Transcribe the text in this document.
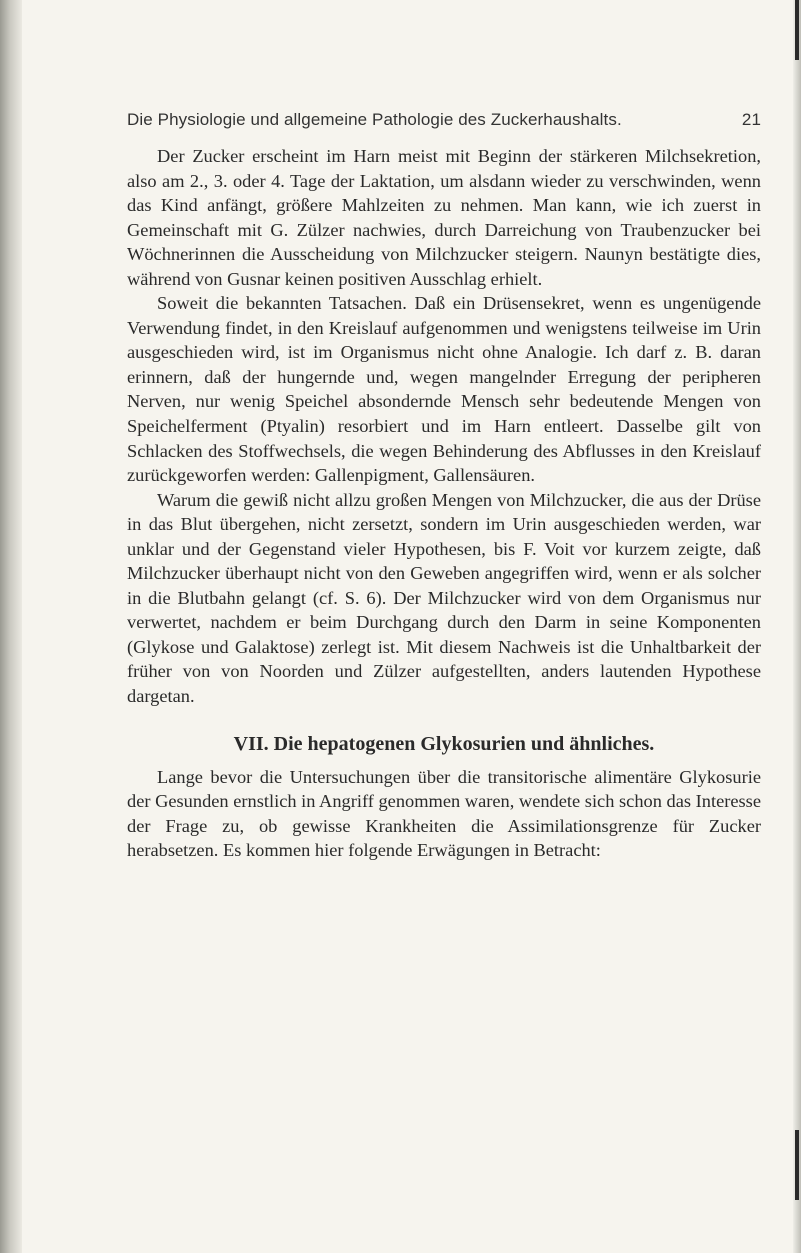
Die Physiologie und allgemeine Pathologie des Zuckerhaushalts.	21

Der Zucker erscheint im Harn meist mit Beginn der stärkeren Milchsekretion, also am 2., 3. oder 4. Tage der Laktation, um alsdann wieder zu verschwinden, wenn das Kind anfängt, größere Mahlzeiten zu nehmen. Man kann, wie ich zuerst in Gemeinschaft mit G. Zülzer nachwies, durch Darreichung von Traubenzucker bei Wöchnerinnen die Ausscheidung von Milchzucker steigern. Naunyn bestätigte dies, während von Gusnar keinen positiven Ausschlag erhielt.

Soweit die bekannten Tatsachen. Daß ein Drüsensekret, wenn es ungenügende Verwendung findet, in den Kreislauf aufgenommen und wenigstens teilweise im Urin ausgeschieden wird, ist im Organismus nicht ohne Analogie. Ich darf z. B. daran erinnern, daß der hungernde und, wegen mangelnder Erregung der peripheren Nerven, nur wenig Speichel absondernde Mensch sehr bedeutende Mengen von Speichelferment (Ptyalin) resorbiert und im Harn entleert. Dasselbe gilt von Schlacken des Stoffwechsels, die wegen Behinderung des Abflusses in den Kreislauf zurückgeworfen werden: Gallenpigment, Gallensäuren.

Warum die gewiß nicht allzu großen Mengen von Milchzucker, die aus der Drüse in das Blut übergehen, nicht zersetzt, sondern im Urin ausgeschieden werden, war unklar und der Gegenstand vieler Hypothesen, bis F. Voit vor kurzem zeigte, daß Milchzucker überhaupt nicht von den Geweben angegriffen wird, wenn er als solcher in die Blutbahn gelangt (cf. S. 6). Der Milchzucker wird von dem Organismus nur verwertet, nachdem er beim Durchgang durch den Darm in seine Komponenten (Glykose und Galaktose) zerlegt ist. Mit diesem Nachweis ist die Unhaltbarkeit der früher von von Noorden und Zülzer aufgestellten, anders lautenden Hypothese dargetan.

VII. Die hepatogenen Glykosurien und ähnliches.

Lange bevor die Untersuchungen über die transitorische alimentäre Glykosurie der Gesunden ernstlich in Angriff genommen waren, wendete sich schon das Interesse der Frage zu, ob gewisse Krankheiten die Assimilationsgrenze für Zucker herabsetzen. Es kommen hier folgende Erwägungen in Betracht:
